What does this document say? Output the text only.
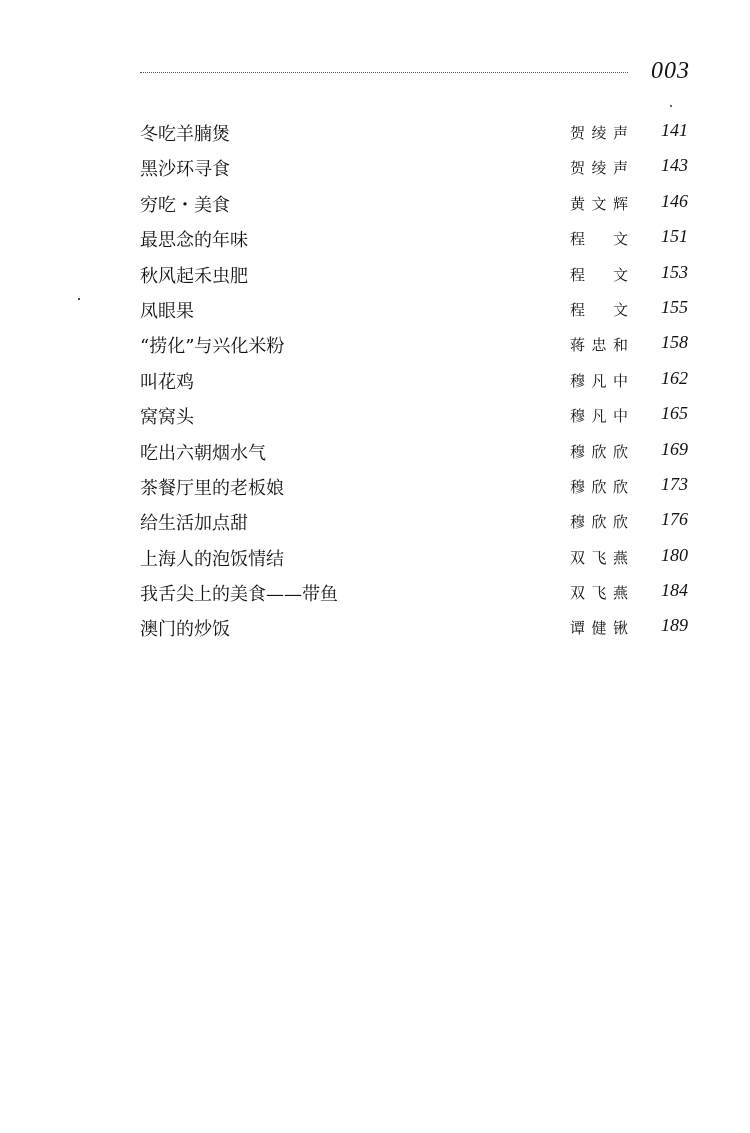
003
冬吃羊腩煲	贺绫声 141
黑沙环寻食	贺绫声 143
穷吃・美食	黄文辉 146
最思念的年味	程 文 151
秋风起禾虫肥	程 文 153
凤眼果	程 文 155
“捞化”与兴化米粉	蒋忠和 158
叫花鸡	穆凡中 162
窝窝头	穆凡中 165
吃出六朝烟水气	穆欣欣 169
茶餐厅里的老板娘	穆欣欣 173
给生活加点甜	穆欣欣 176
上海人的泡饭情结	双飞燕 180
我舌尖上的美食——带鱼	双飞燕 184
澳门的炒饭	谭健锹 189
